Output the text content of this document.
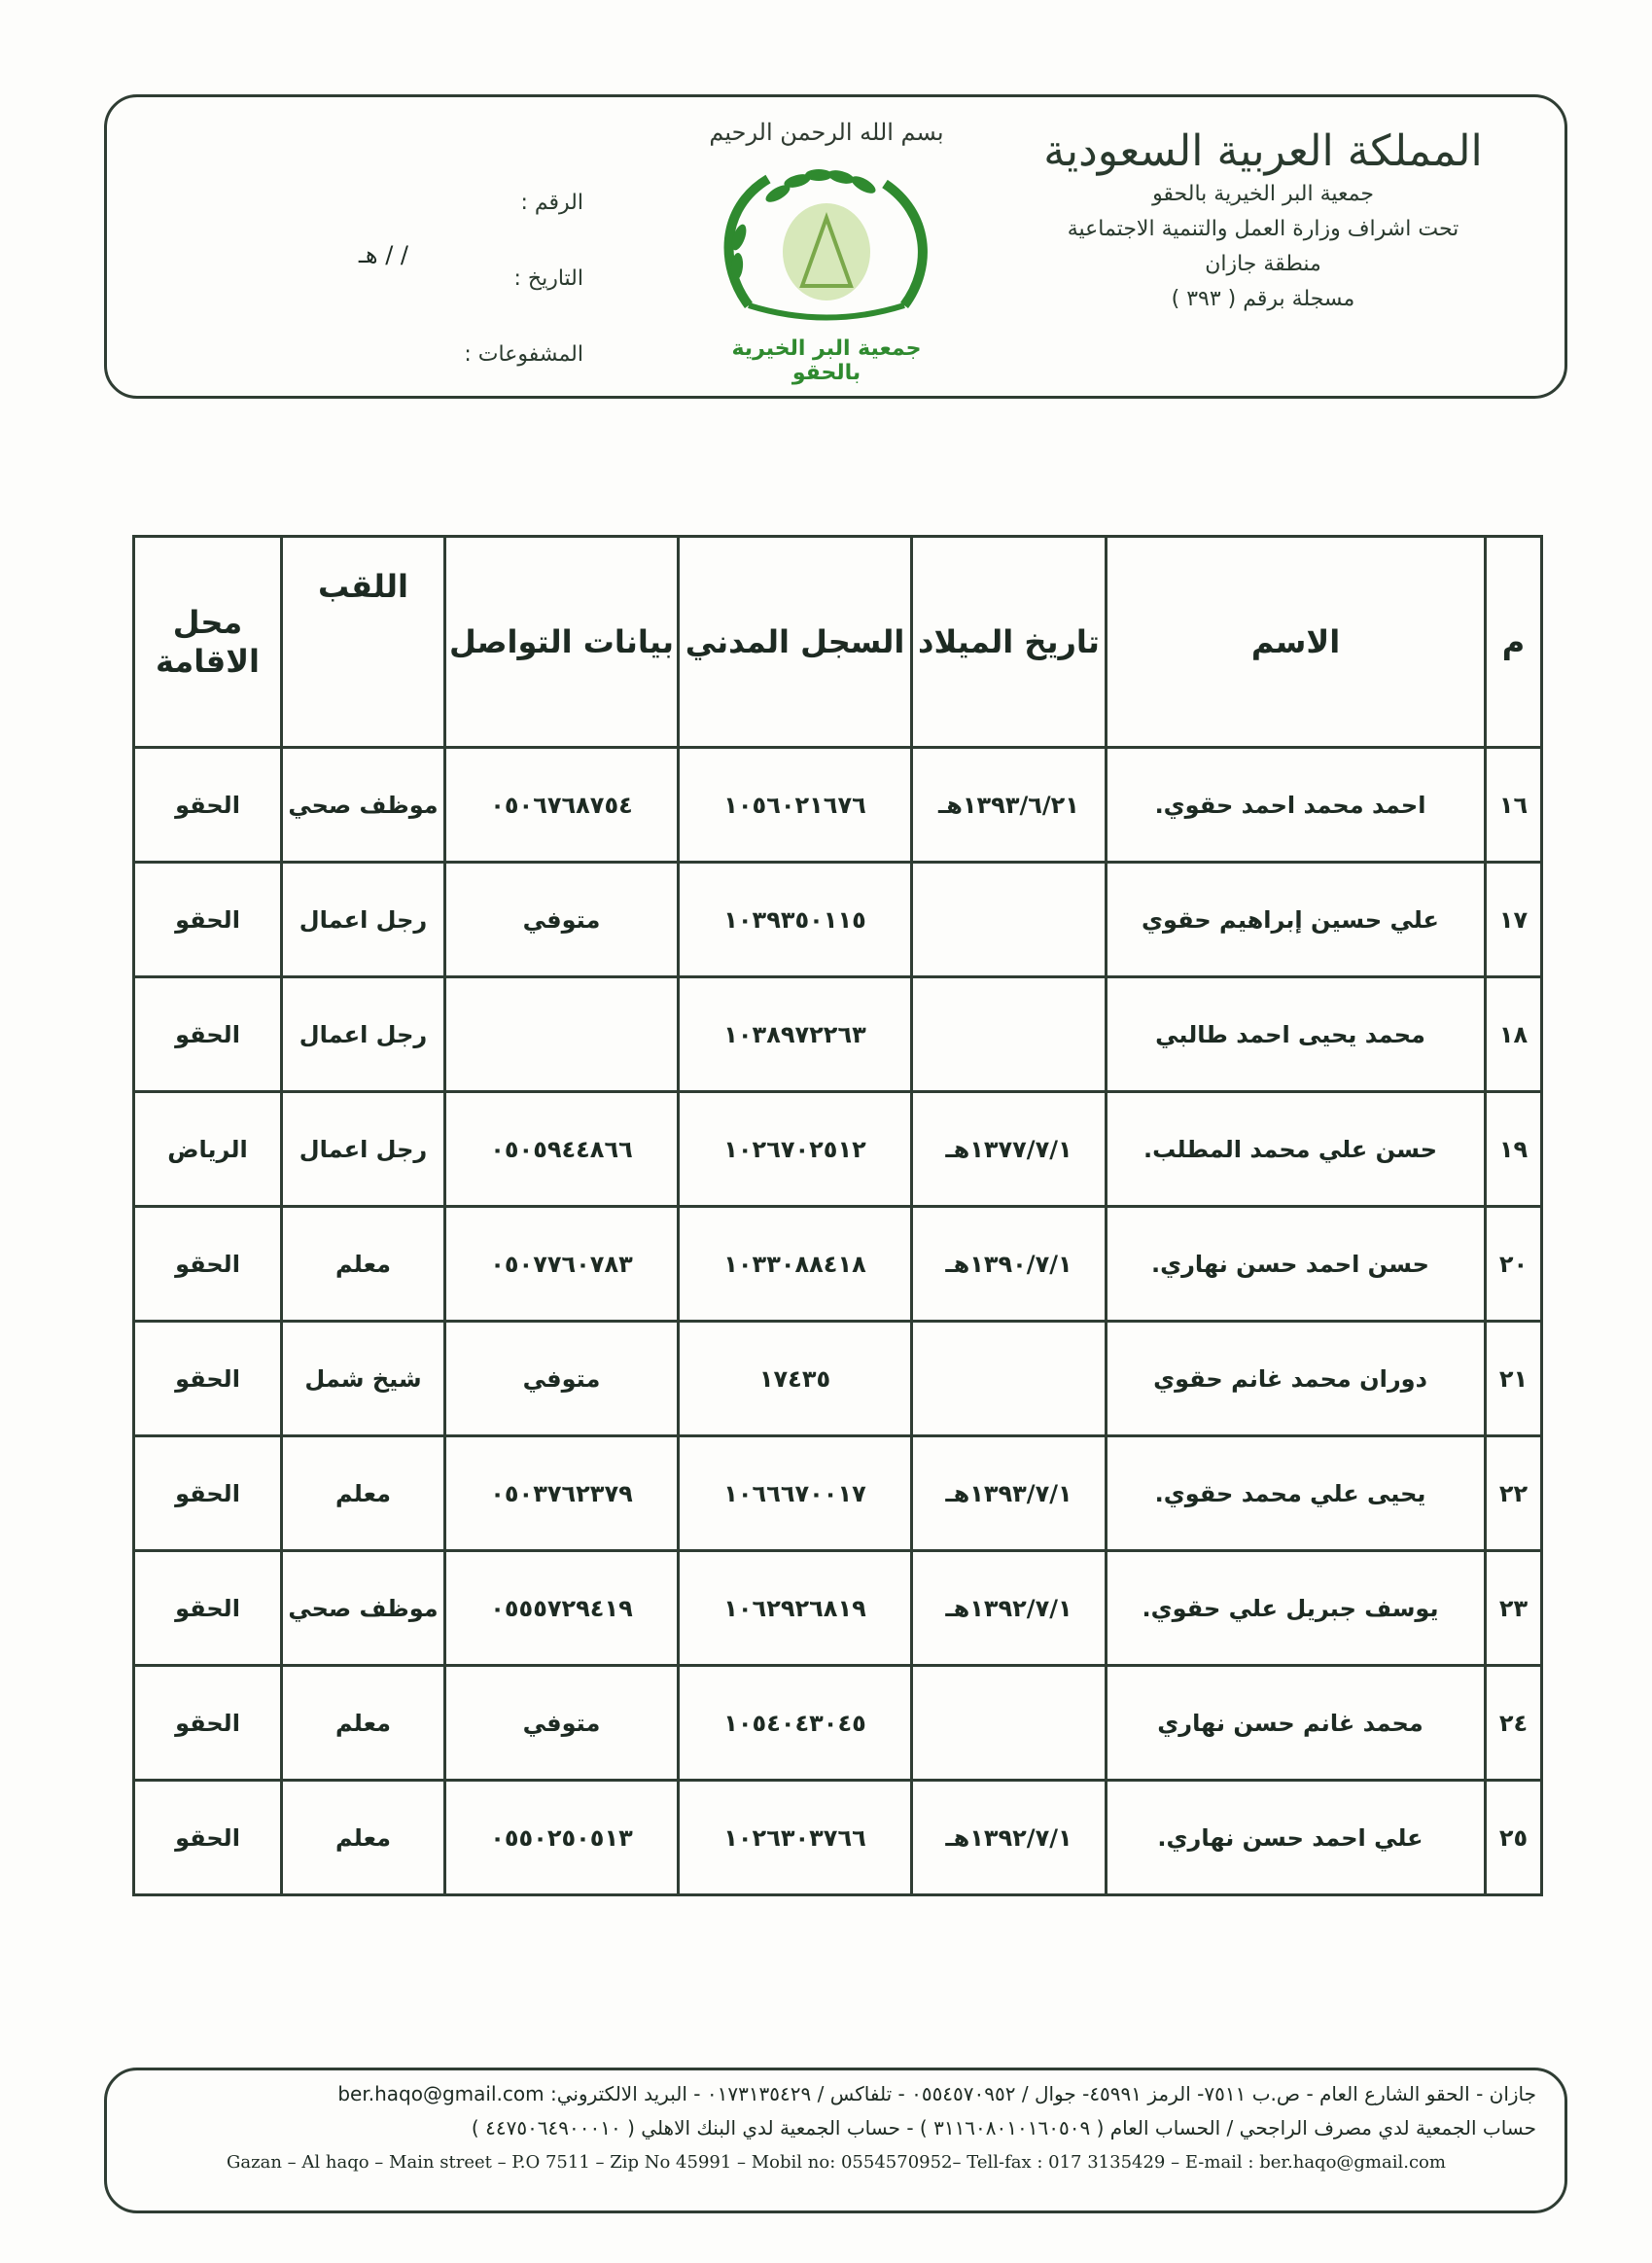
المملكة العربية السعودية
جمعية البر الخيرية بالحقو
تحت اشراف وزارة العمل والتنمية الاجتماعية
منطقة جازان
مسجلة برقم ( ٣٩٣ )
بسم الله الرحمن الرحيم
جمعية البر الخيرية بالحقو
الرقم :
التاريخ :
/ / هـ
المشفوعات :
م	الاسم	تاريخ الميلاد	السجل المدني	بيانات التواصل	اللقب	محل الاقامة
١٦	احمد محمد احمد حقوي.	١٣٩٣/٦/٢١هـ	١٠٥٦٠٢١٦٧٦	٠٥٠٦٧٦٨٧٥٤	موظف صحي	الحقو
١٧	علي حسين إبراهيم حقوي		١٠٣٩٣٥٠١١٥	متوفي	رجل اعمال	الحقو
١٨	محمد يحيى احمد طالبي		١٠٣٨٩٧٢٢٦٣		رجل اعمال	الحقو
١٩	حسن علي محمد المطلب.	١٣٧٧/٧/١هـ	١٠٢٦٧٠٢٥١٢	٠٥٠٥٩٤٤٨٦٦	رجل اعمال	الرياض
٢٠	حسن احمد حسن نهاري.	١٣٩٠/٧/١هـ	١٠٣٣٠٨٨٤١٨	٠٥٠٧٧٦٠٧٨٣	معلم	الحقو
٢١	دوران محمد غانم حقوي		١٧٤٣٥	متوفي	شيخ شمل	الحقو
٢٢	يحيى علي محمد حقوي.	١٣٩٣/٧/١هـ	١٠٦٦٦٧٠٠١٧	٠٥٠٣٧٦٢٣٧٩	معلم	الحقو
٢٣	يوسف جبريل علي حقوي.	١٣٩٢/٧/١هـ	١٠٦٢٩٢٦٨١٩	٠٥٥٥٧٢٩٤١٩	موظف صحي	الحقو
٢٤	محمد غانم حسن نهاري		١٠٥٤٠٤٣٠٤٥	متوفي	معلم	الحقو
٢٥	علي احمد حسن نهاري.	١٣٩٢/٧/١هـ	١٠٢٦٣٠٣٧٦٦	٠٥٥٠٢٥٠٥١٣	معلم	الحقو
جازان - الحقو الشارع العام - ص.ب ٧٥١١- الرمز ٤٥٩٩١- جوال / ٠٥٥٤٥٧٠٩٥٢ - تلفاكس / ٠١٧٣١٣٥٤٢٩ - البريد الالكتروني: ber.haqo@gmail.com
حساب الجمعية لدي مصرف الراجحي / الحساب العام ( ٣١١٦٠٨٠١٠١٦٠٥٠٩ ) - حساب الجمعية لدي البنك الاهلي ( ٤٤٧٥٠٦٤٩٠٠٠١٠ )
Gazan – Al haqo – Main street – P.O 7511 – Zip No 45991 – Mobil no: 0554570952– Tell-fax : 017 3135429 – E-mail : ber.haqo@gmail.com
